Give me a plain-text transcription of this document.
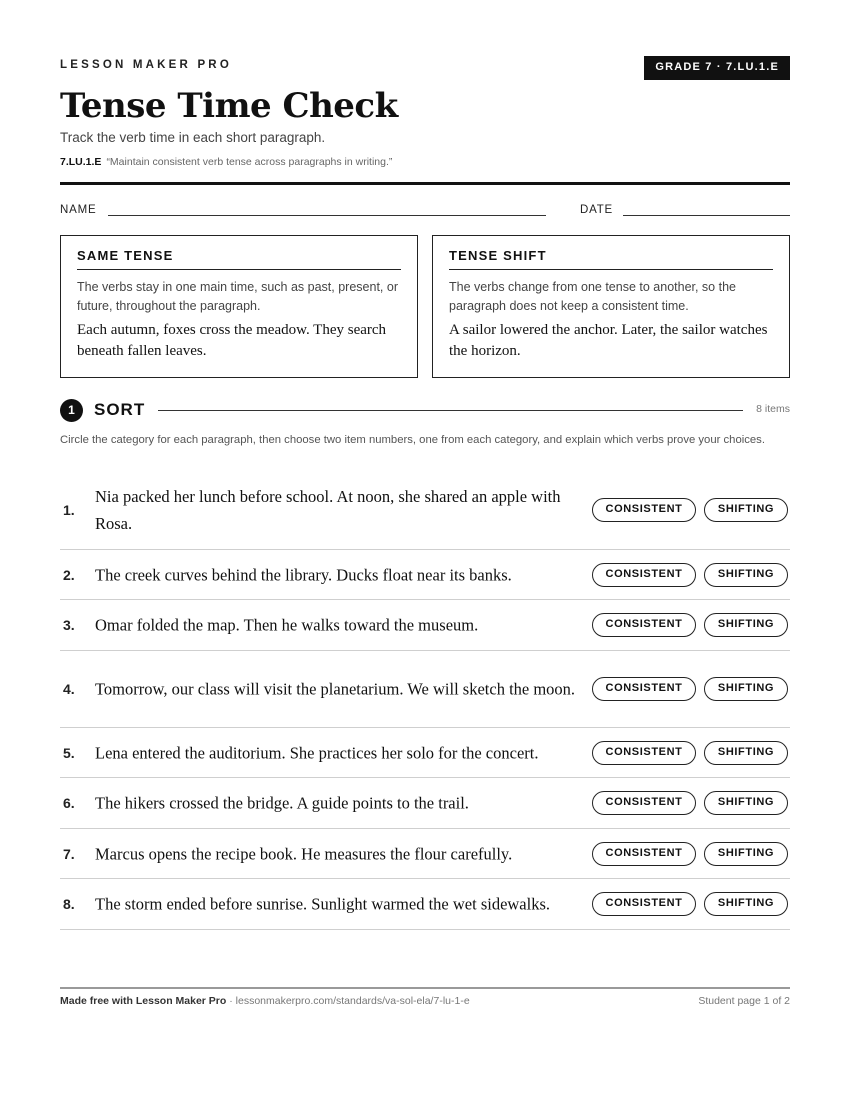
LESSON MAKER PRO	GRADE 7 · 7.LU.1.E
Tense Time Check

Track the verb time in each short paragraph.

7.LU.1.E “Maintain consistent verb tense across paragraphs in writing.”

NAME	DATE
SAME TENSE

The verbs stay in one main time, such as past, present, or future, throughout the paragraph.

Each autumn, foxes cross the meadow. They search beneath fallen leaves.

TENSE SHIFT

The verbs change from one tense to another, so the paragraph does not keep a consistent time.

A sailor lowered the anchor. Later, the sailor watches the horizon.

1	SORT	8 items

Circle the category for each paragraph, then choose two item numbers, one from each category, and explain which verbs prove your choices.

1.

Nia packed her lunch before school. At noon, she shared an apple with Rosa.

CONSISTENT	SHIFTING
2. The creek curves behind the library. Ducks float near its banks.	CONSISTENT	SHIFTING
3. Omar folded the map. Then he walks toward the museum.	CONSISTENT	SHIFTING
4. Tomorrow, our class will visit the planetarium. We will sketch the moon.	CONSISTENT	SHIFTING
5. Lena entered the auditorium. She practices her solo for the concert.	CONSISTENT	SHIFTING
6. The hikers crossed the bridge. A guide points to the trail.	CONSISTENT	SHIFTING
7. Marcus opens the recipe book. He measures the flour carefully.	CONSISTENT	SHIFTING
8. The storm ended before sunrise. Sunlight warmed the wet sidewalks.	CONSISTENT	SHIFTING
Made free with Lesson Maker Pro · lessonmakerpro.com/standards/va-sol-ela/7-lu-1-e	Student page 1 of 2
